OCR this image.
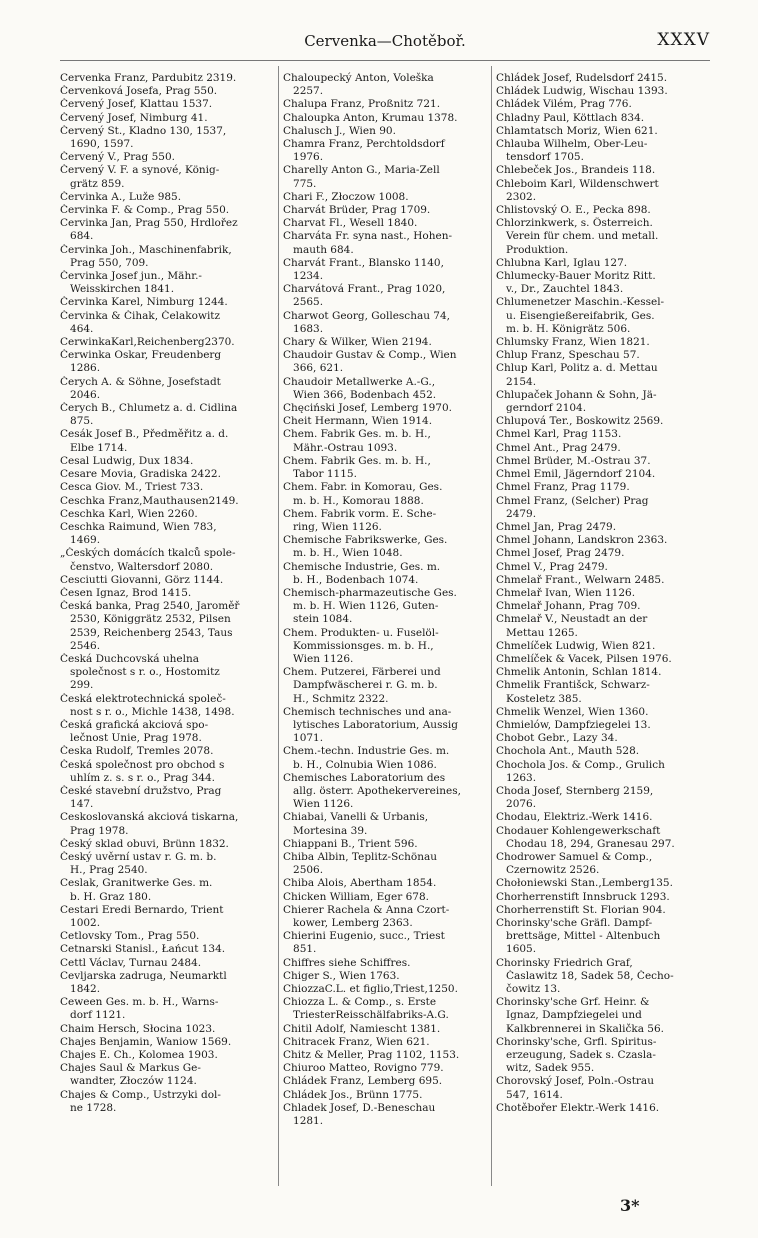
Cervenka—Chotěboř.	XXXV
Cervenka Franz, Pardubitz 2319.
Červenková Josefa, Prag 550.
Červený Josef, Klattau 1537.
Červený Josef, Nimburg 41.
Červený St., Kladno 130, 1537,
1690, 1597.
Červený V., Prag 550.
Červený V. F. a synové, König-
grätz 859.
Červinka A., Luže 985.
Červinka F. & Comp., Prag 550.
Cervinka Jan, Prag 550, Hrdlořez
684.
Červinka Joh., Maschinenfabrik,
Prag 550, 709.
Červinka Josef jun., Mähr.-
Weisskirchen 1841.
Červinka Karel, Nimburg 1244.
Červinka & Čihak, Čelakowitz
464.
CerwinkaKarl,Reichenberg2370.
Čerwinka Oskar, Freudenberg
1286.
Čerych A. & Söhne, Josefstadt
2046.
Čerych B., Chlumetz a. d. Cidlina
875.
Cesák Josef B., Předměřitz a. d.
Elbe 1714.
Cesal Ludwig, Dux 1834.
Cesare Movia, Gradiska 2422.
Cesca Giov. M., Triest 733.
Ceschka Franz,Mauthausen2149.
Ceschka Karl, Wien 2260.
Ceschka Raimund, Wien 783,
1469.
„Českých domácích tkalců spole-
čenstvo, Waltersdorf 2080.
Cesciutti Giovanni, Görz 1144.
Česen Ignaz, Brod 1415.
Česká banka, Prag 2540, Jaroměř
2530, Königgrätz 2532, Pilsen
2539, Reichenberg 2543, Taus
2546.
Česká Duchcovská uhelna
společnost s r. o., Hostomitz
299.
Česká elektrotechnická společ-
nost s r. o., Michle 1438, 1498.
Česká grafická akciová spo-
lečnost Unie, Prag 1978.
Česka Rudolf, Tremles 2078.
Česká společnost pro obchod s
uhlím z. s. s r. o., Prag 344.
České stavební družstvo, Prag
147.
Ceskoslovanská akciová tiskarna,
Prag 1978.
Český sklad obuvi, Brünn 1832.
Český uvěrní ustav r. G. m. b.
H., Prag 2540.
Ceslak, Granitwerke Ges. m.
b. H. Graz 180.
Cestari Eredi Bernardo, Trient
1002.
Cetlovsky Tom., Prag 550.
Cetnarski Stanisl., Łańcut 134.
Cettl Václav, Turnau 2484.
Cevljarska zadruga, Neumarktl
1842.
Ceween Ges. m. b. H., Warns-
dorf 1121.
Chaim Hersch, Słocina 1023.
Chajes Benjamin, Waniow 1569.
Chajes E. Ch., Kolomea 1903.
Chajes Saul & Markus Ge-
wandter, Złoczów 1124.
Chajes & Comp., Ustrzyki dol-
ne 1728.
Chaloupecký Anton, Voleška
2257.
Chalupa Franz, Proßnitz 721.
Chaloupka Anton, Krumau 1378.
Chalusch J., Wien 90.
Chamra Franz, Perchtoldsdorf
1976.
Charelly Anton G., Maria-Zell
775.
Chari F., Złoczow 1008.
Charvát Brüder, Prag 1709.
Charvat Fl., Wesell 1840.
Charváta Fr. syna nast., Hohen-
mauth 684.
Charvát Frant., Blansko 1140,
1234.
Charvátová Frant., Prag 1020,
2565.
Charwot Georg, Golleschau 74,
1683.
Chary & Wilker, Wien 2194.
Chaudoir Gustav & Comp., Wien
366, 621.
Chaudoir Metallwerke A.-G.,
Wien 366, Bodenbach 452.
Chęciński Josef, Lemberg 1970.
Cheit Hermann, Wien 1914.
Chem. Fabrik Ges. m. b. H.,
Mähr.-Ostrau 1093.
Chem. Fabrik Ges. m. b. H.,
Tabor 1115.
Chem. Fabr. in Komorau, Ges.
m. b. H., Komorau 1888.
Chem. Fabrik vorm. E. Sche-
ring, Wien 1126.
Chemische Fabrikswerke, Ges.
m. b. H., Wien 1048.
Chemische Industrie, Ges. m.
b. H., Bodenbach 1074.
Chemisch-pharmazeutische Ges.
m. b. H. Wien 1126, Guten-
stein 1084.
Chem. Produkten- u. Fuselöl-
Kommissionsges. m. b. H.,
Wien 1126.
Chem. Putzerei, Färberei und
Dampfwäscherei r. G. m. b.
H., Schmitz 2322.
Chemisch technisches und ana-
lytisches Laboratorium, Aussig
1071.
Chem.-techn. Industrie Ges. m.
b. H., Colnubia Wien 1086.
Chemisches Laboratorium des
allg. österr. Apothekervereines,
Wien 1126.
Chiabai, Vanelli & Urbanis,
Mortesina 39.
Chiappani B., Trient 596.
Chiba Albin, Teplitz-Schönau
2506.
Chiba Alois, Abertham 1854.
Chicken William, Eger 678.
Chierer Rachela & Anna Czort-
kower, Lemberg 2363.
Chierini Eugenio, succ., Triest
851.
Chiffres siehe Schiffres.
Chiger S., Wien 1763.
ChiozzaC.L. et figlio,Triest,1250.
Chiozza L. & Comp., s. Erste
TriesterReisschälfabriks-A.G.
Chitil Adolf, Namiescht 1381.
Chitracek Franz, Wien 621.
Chitz & Meller, Prag 1102, 1153.
Chiuroo Matteo, Rovigno 779.
Chládek Franz, Lemberg 695.
Chládek Jos., Brünn 1775.
Chladek Josef, D.-Beneschau
1281.
Chládek Josef, Rudelsdorf 2415.
Chládek Ludwig, Wischau 1393.
Chládek Vilém, Prag 776.
Chladny Paul, Köttlach 834.
Chlamtatsch Moriz, Wien 621.
Chlauba Wilhelm, Ober-Leu-
tensdorf 1705.
Chlebeček Jos., Brandeis 118.
Chleboim Karl, Wildenschwert
2302.
Chlistovský O. E., Pecka 898.
Chlorzinkwerk, s. Österreich.
Verein für chem. und metall.
Produktion.
Chlubna Karl, Iglau 127.
Chlumecky-Bauer Moritz Ritt.
v., Dr., Zauchtel 1843.
Chlumenetzer Maschin.-Kessel-
u. Eisengießereifabrik, Ges.
m. b. H. Königrätz 506.
Chlumsky Franz, Wien 1821.
Chlup Franz, Speschau 57.
Chlup Karl, Politz a. d. Mettau
2154.
Chlupaček Johann & Sohn, Jä-
gerndorf 2104.
Chlupová Ter., Boskowitz 2569.
Chmel Karl, Prag 1153.
Chmel Ant., Prag 2479.
Chmel Brüder, M.-Ostrau 37.
Chmel Emil, Jägerndorf 2104.
Chmel Franz, Prag 1179.
Chmel Franz, (Selcher) Prag
2479.
Chmel Jan, Prag 2479.
Chmel Johann, Landskron 2363.
Chmel Josef, Prag 2479.
Chmel V., Prag 2479.
Chmelař Frant., Welwarn 2485.
Chmelař Ivan, Wien 1126.
Chmelař Johann, Prag 709.
Chmelař V., Neustadt an der
Mettau 1265.
Chmelíček Ludwig, Wien 821.
Chmelíček & Vacek, Pilsen 1976.
Chmelik Antonin, Schlan 1814.
Chmelik Františck, Schwarz-
Kosteletz 385.
Chmelik Wenzel, Wien 1360.
Chmielów, Dampfziegelei 13.
Chobot Gebr., Lazy 34.
Chochola Ant., Mauth 528.
Chochola Jos. & Comp., Grulich
1263.
Choda Josef, Sternberg 2159,
2076.
Chodau, Elektriz.-Werk 1416.
Chodauer Kohlengewerkschaft
Chodau 18, 294, Granesau 297.
Chodrower Samuel & Comp.,
Czernowitz 2526.
Chołoniewski Stan.,Lemberg135.
Chorherrenstift Innsbruck 1293.
Chorherrenstift St. Florian 904.
Chorinsky'sche Gräfl. Dampf-
brettsäge, Mittel - Altenbuch
1605.
Chorinsky Friedrich Graf,
Časlawitz 18, Sadek 58, Čecho-
čowitz 13.
Chorinsky'sche Grf. Heinr. &
Ignaz, Dampfziegelei und
Kalkbrennerei in Skalička 56.
Chorinsky'sche, Grfl. Spiritus-
erzeugung, Sadek s. Czasla-
witz, Sadek 955.
Chorovský Josef, Poln.-Ostrau
547, 1614.
Chotěbořer Elektr.-Werk 1416.
3*
